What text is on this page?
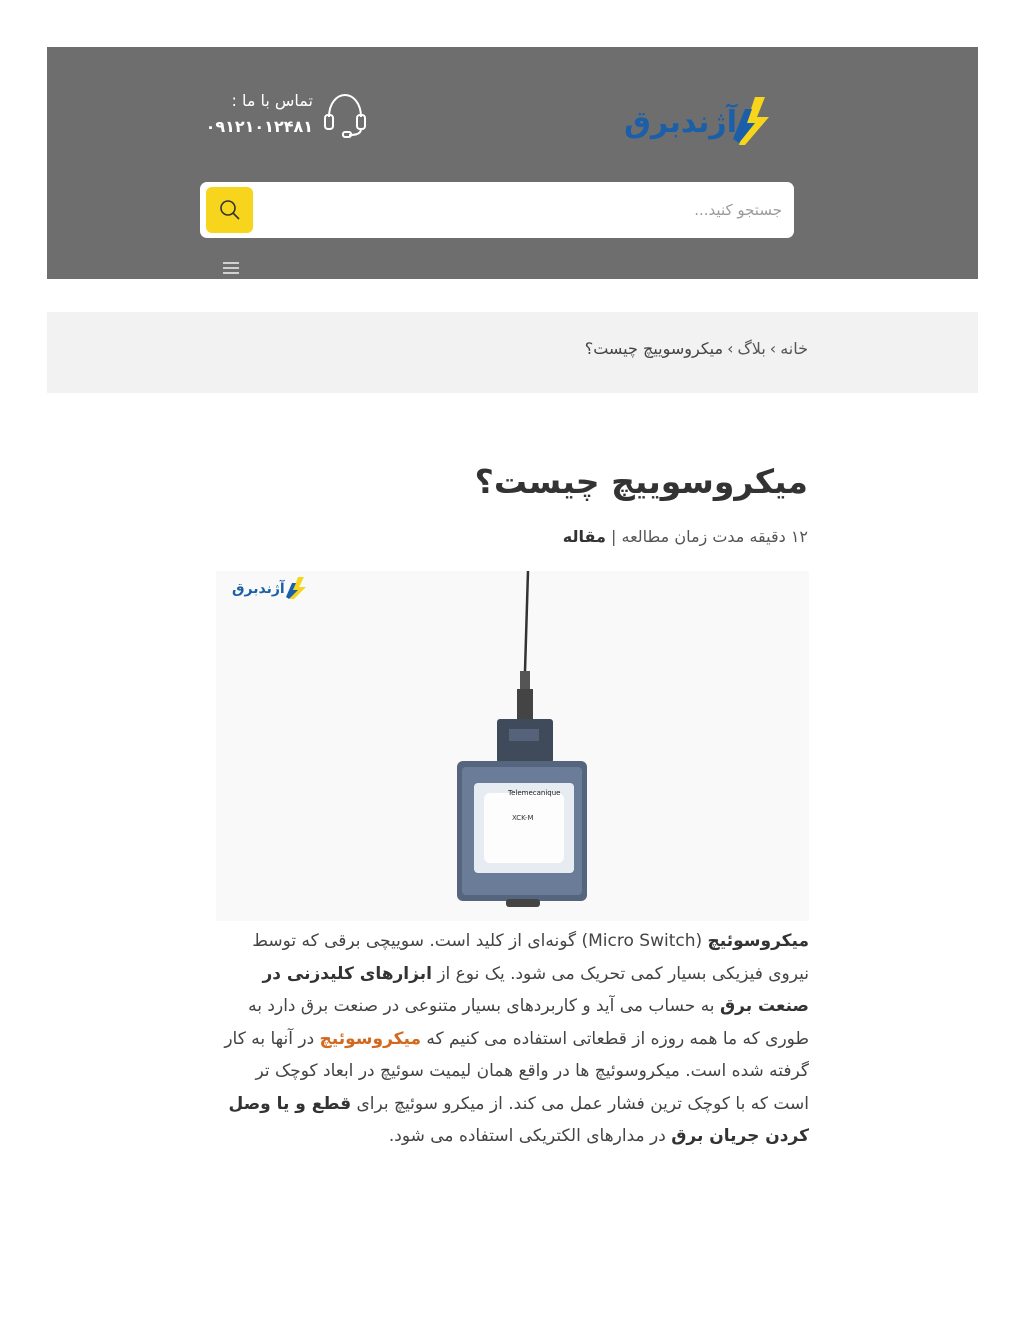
آژندبرق
تماس با ما :
۰۹۱۲۱۰۱۲۴۸۱
جستجو کنید...
خانه›بلاگ›میکروسوییچ چیست؟
میکروسوییچ چیست؟
۱۲ دقیقه مدت زمان مطالعه | مقاله
آژندبرق
Telemecanique
XCK-M

میکروسوئیچ (Micro Switch) گونه‌ای از کلید است. سوییچی برقی که توسط نیروی فیزیکی بسیار کمی تحریک می شود. یک نوع از ابزارهای کلیدزنی در صنعت برق به حساب می آید و کاربردهای بسیار متنوعی در صنعت برق دارد به طوری که ما همه روزه از قطعاتی استفاده می کنیم که میکروسوئیچ در آنها به کار گرفته شده است. میکروسوئیچ ها در واقع همان لیمیت سوئیچ در ابعاد کوچک تر است که با کوچک ترین فشار عمل می کند. از میکرو سوئیچ برای قطع و یا وصل کردن جریان برق در مدارهای الکتریکی استفاده می شود.
